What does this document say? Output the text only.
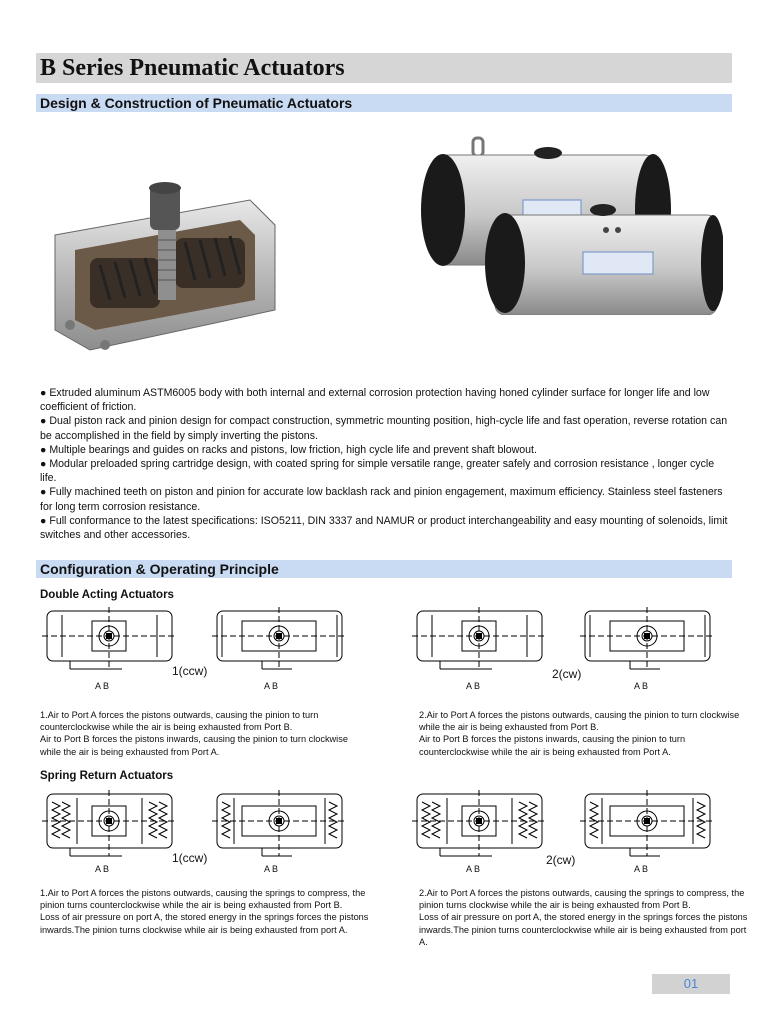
B Series Pneumatic Actuators
Design & Construction of Pneumatic Actuators

● Extruded aluminum ASTM6005 body with both internal and external corrosion protection having honed cylinder surface for longer life and low coefficient of friction.

● Dual piston rack and pinion design for compact construction, symmetric mounting position, high-cycle life and fast operation, reverse rotation can be accomplished in the field by simply inverting the pistons.

● Multiple bearings and guides on racks and pistons, low friction, high cycle life and prevent shaft blowout.

● Modular preloaded spring cartridge design, with coated spring for simple versatile range, greater safely and corrosion resistance , longer cycle life.

● Fully machined teeth on piston and pinion for accurate low backlash rack and pinion engagement, maximum efficiency. Stainless steel fasteners for long term corrosion resistance.

● Full conformance to the latest specifications: ISO5211, DIN 3337 and NAMUR or product interchangeability and easy mounting of solenoids, limit switches and other accessories.

Configuration & Operating Principle
Double Acting Actuators
1(ccw)
A B	A B
2(cw)
A B	A B

1.Air to Port A forces the pistons outwards, causing the pinion to turn counterclockwise while the air is being exhausted from Port B.

Air to Port B forces the pistons inwards, causing the pinion to turn clockwise while the air is being exhausted from Port A.

2.Air to Port A forces the pistons outwards, causing the pinion to turn clockwise while the air is being exhausted from Port B.

Air to Port B forces the pistons inwards, causing the pinion to turn counterclockwise while the air is being exhausted from Port A.

Spring Return Actuators
1(ccw)
A B	A B
2(cw)
A B	A B

1.Air to Port A forces the pistons outwards, causing the springs to compress, the pinion turns counterclockwise while the air is being exhausted from Port B.

Loss of air pressure on port A, the stored energy in the springs forces the pistons inwards.The pinion turns clockwise while air is being exhausted from port A.

2.Air to Port A forces the pistons outwards, causing the springs to compress, the pinion turns clockwise while the air is being exhausted from Port B.

Loss of air pressure on port A, the stored energy in the springs forces the pistons inwards.The pinion turns counterclockwise while air is being exhausted from port A.

01
